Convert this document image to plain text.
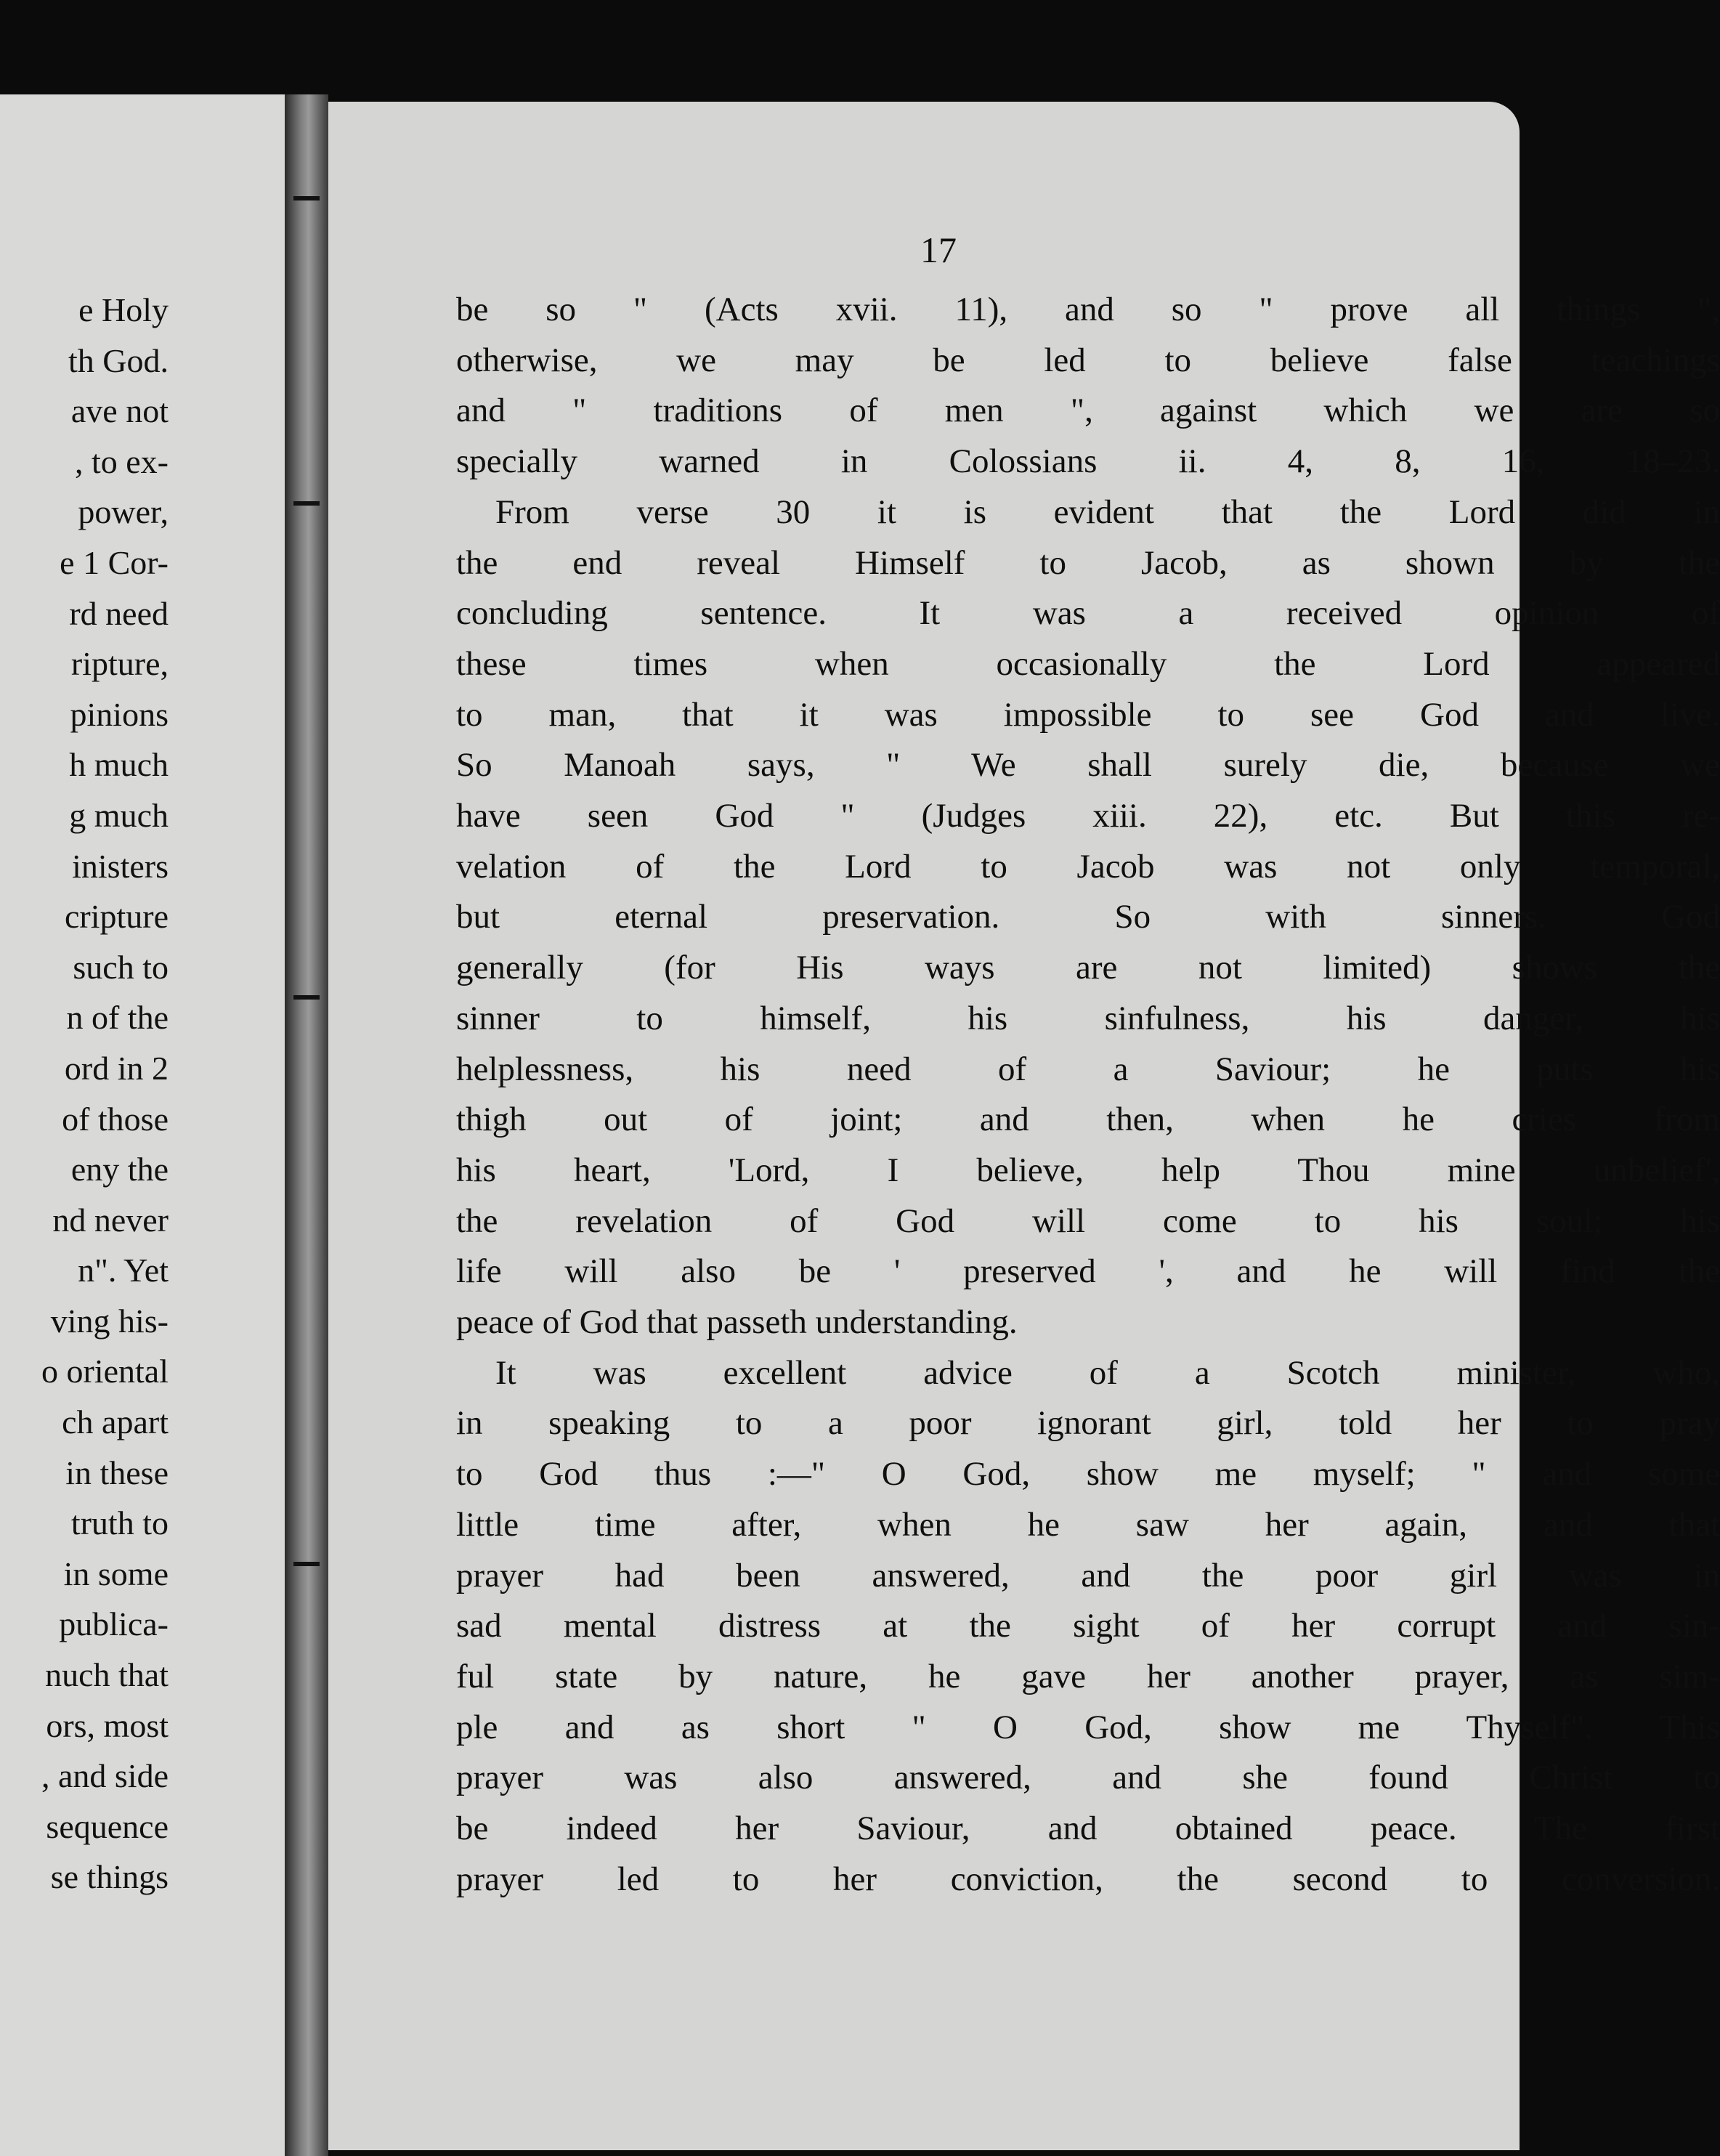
e Holy
th God.
ave not
, to ex-
power,
e 1 Cor-
rd need
ripture,
pinions
h much
g much
inisters
cripture
such to
n of the
ord in 2
of those
eny the
nd never
n". Yet
ving his-
o oriental
ch apart
in these
truth to
in some
publica-
nuch that
ors, most
, and side
sequence
se things
17
be so " (Acts xvii. 11), and so " prove all things ",
otherwise, we may be led to believe false teachings
and " traditions of men ", against which we are so
specially warned in Colossians ii. 4, 8, 16, 18–23.
From verse 30 it is evident that the Lord did in
the end reveal Himself to Jacob, as shown by the
concluding sentence. It was a received opinion of
these times when occasionally the Lord appeared
to man, that it was impossible to see God and live.
So Manoah says, " We shall surely die, because we
have seen God " (Judges xiii. 22), etc. But this re-
velation of the Lord to Jacob was not only temporal,
but eternal preservation. So with sinners. God
generally (for His ways are not limited) shows the
sinner to himself, his sinfulness, his danger, his
helplessness, his need of a Saviour; he puts his
thigh out of joint; and then, when he cries from
his heart, 'Lord, I believe, help Thou mine unbelief',
the revelation of God will come to his soul; his
life will also be ' preserved ', and he will find the
peace of God that passeth understanding.
It was excellent advice of a Scotch minister, who,
in speaking to a poor ignorant girl, told her to pray
to God thus :—" O God, show me myself; " and some
little time after, when he saw her again, and that
prayer had been answered, and the poor girl was in
sad mental distress at the sight of her corrupt and sin-
ful state by nature, he gave her another prayer, as sim-
ple and as short " O God, show me Thyself". This
prayer was also answered, and she found Christ to
be indeed her Saviour, and obtained peace. The first
prayer led to her conviction, the second to conversion.
